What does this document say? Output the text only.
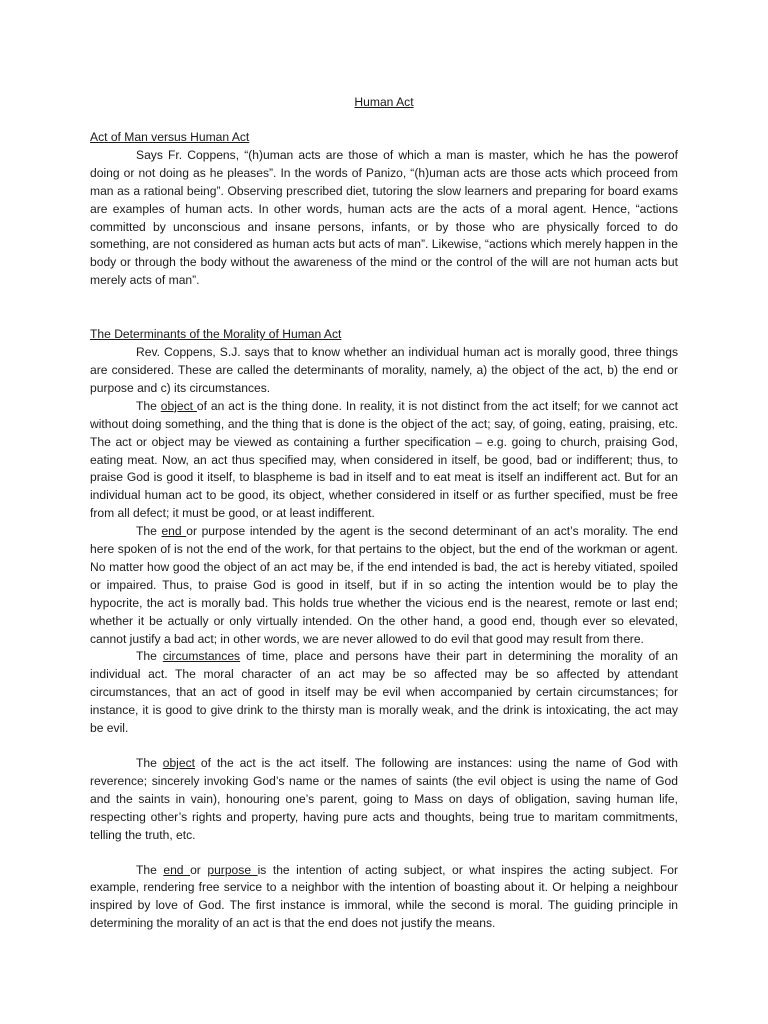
Human Act
Act of Man versus Human Act

Says Fr. Coppens, “(h)uman acts are those of which a man is master, which he has the powerof doing or not doing as he pleases”. In the words of Panizo, “(h)uman acts are those acts which proceed from man as a rational being”. Observing prescribed diet, tutoring the slow learners and preparing for board exams are examples of human acts. In other words, human acts are the acts of a moral agent. Hence, “actions committed by unconscious and insane persons, infants, or by those who are physically forced to do something, are not considered as human acts but acts of man”. Likewise, “actions which merely happen in the body or through the body without the awareness of the mind or the control of the will are not human acts but merely acts of man”.

The Determinants of the Morality of Human Act

Rev. Coppens, S.J. says that to know whether an individual human act is morally good, three things are considered. These are called the determinants of morality, namely, a) the object of the act, b) the end or purpose and c) its circumstances.

The object of an act is the thing done. In reality, it is not distinct from the act itself; for we cannot act without doing something, and the thing that is done is the object of the act; say, of going, eating, praising, etc. The act or object may be viewed as containing a further specification – e.g. going to church, praising God, eating meat. Now, an act thus specified may, when considered in itself, be good, bad or indifferent; thus, to praise God is good it itself, to blaspheme is bad in itself and to eat meat is itself an indifferent act. But for an individual human act to be good, its object, whether considered in itself or as further specified, must be free from all defect; it must be good, or at least indifferent.

The end or purpose intended by the agent is the second determinant of an act’s morality. The end here spoken of is not the end of the work, for that pertains to the object, but the end of the workman or agent. No matter how good the object of an act may be, if the end intended is bad, the act is hereby vitiated, spoiled or impaired. Thus, to praise God is good in itself, but if in so acting the intention would be to play the hypocrite, the act is morally bad. This holds true whether the vicious end is the nearest, remote or last end; whether it be actually or only virtually intended. On the other hand, a good end, though ever so elevated, cannot justify a bad act; in other words, we are never allowed to do evil that good may result from there.

The circumstances of time, place and persons have their part in determining the morality of an individual act. The moral character of an act may be so affected may be so affected by attendant circumstances, that an act of good in itself may be evil when accompanied by certain circumstances; for instance, it is good to give drink to the thirsty man is morally weak, and the drink is intoxicating, the act may be evil.

The object of the act is the act itself. The following are instances: using the name of God with reverence; sincerely invoking God’s name or the names of saints (the evil object is using the name of God and the saints in vain), honouring one’s parent, going to Mass on days of obligation, saving human life, respecting other’s rights and property, having pure acts and thoughts, being true to maritam commitments, telling the truth, etc.

The end or purpose is the intention of acting subject, or what inspires the acting subject. For example, rendering free service to a neighbor with the intention of boasting about it. Or helping a neighbour inspired by love of God. The first instance is immoral, while the second is moral. The guiding principle in determining the morality of an act is that the end does not justify the means.
